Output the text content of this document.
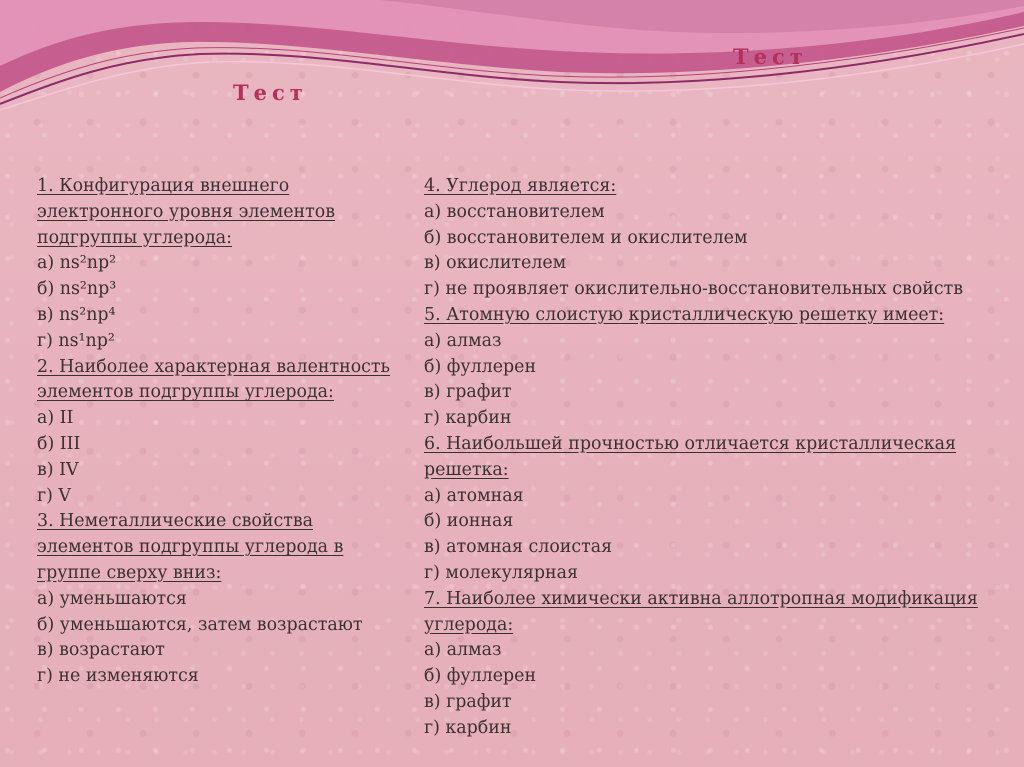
Тест
Тест

1. Конфигурация внешнего

электронного уровня элементов

подгруппы углерода:

а) ns²np²

б) ns²np³

в) ns²np⁴

г) ns¹np²

2. Наиболее характерная валентность

элементов подгруппы углерода:

а) II

б) III

в) IV

г) V

3. Неметаллические свойства

элементов подгруппы углерода в

группе сверху вниз:

а) уменьшаются

б) уменьшаются, затем возрастают

в) возрастают

г) не изменяются

4. Углерод является:

а) восстановителем

б) восстановителем и окислителем

в) окислителем

г) не проявляет окислительно-восстановительных свойств

5. Атомную слоистую кристаллическую решетку имеет:

а) алмаз

б) фуллерен

в) графит

г) карбин

6. Наибольшей прочностью отличается кристаллическая

решетка:

а) атомная

б) ионная

в) атомная слоистая

г) молекулярная

7. Наиболее химически активна аллотропная модификация

углерода:

а) алмаз

б) фуллерен

в) графит

г) карбин
